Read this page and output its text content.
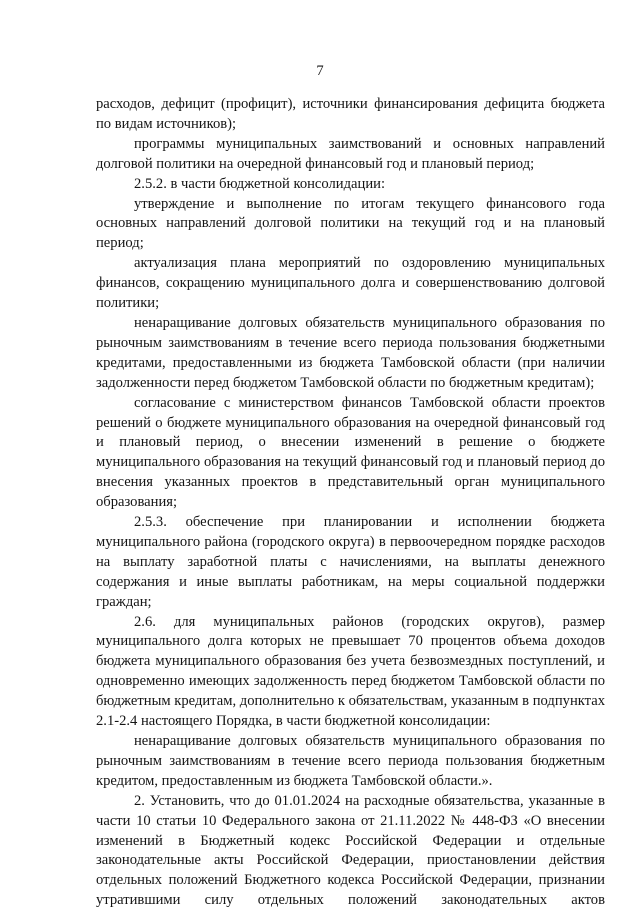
7

расходов, дефицит (профицит), источники финансирования дефицита бюджета по видам источников);

программы муниципальных заимствований и основных направлений долговой политики на очередной финансовый год и плановый период;

2.5.2. в части бюджетной консолидации:

утверждение и выполнение по итогам текущего финансового года основных направлений долговой политики на текущий год и на плановый период;

актуализация плана мероприятий по оздоровлению муниципальных финансов, сокращению муниципального долга и совершенствованию долговой политики;

ненаращивание долговых обязательств муниципального образования по рыночным заимствованиям в течение всего периода пользования бюджетными кредитами, предоставленными из бюджета Тамбовской области (при наличии задолженности перед бюджетом Тамбовской области по бюджетным кредитам);

согласование с министерством финансов Тамбовской области проектов решений о бюджете муниципального образования на очередной финансовый год и плановый период, о внесении изменений в решение о бюджете муниципального образования на текущий финансовый год и плановый период до внесения указанных проектов в представительный орган муниципального образования;

2.5.3. обеспечение при планировании и исполнении бюджета муниципального района (городского округа) в первоочередном порядке расходов на выплату заработной платы с начислениями, на выплаты денежного содержания и иные выплаты работникам, на меры социальной поддержки граждан;

2.6. для муниципальных районов (городских округов), размер муниципального долга которых не превышает 70 процентов объема доходов бюджета муниципального образования без учета безвозмездных поступлений, и одновременно имеющих задолженность перед бюджетом Тамбовской области по бюджетным кредитам, дополнительно к обязательствам, указанным в подпунктах 2.1-2.4 настоящего Порядка, в части бюджетной консолидации:

ненаращивание долговых обязательств муниципального образования по рыночным заимствованиям в течение всего периода пользования бюджетным кредитом, предоставленным из бюджета Тамбовской области.».

2. Установить, что до 01.01.2024 на расходные обязательства, указанные в части 10 статьи 10 Федерального закона от 21.11.2022 № 448-ФЗ «О внесении изменений в Бюджетный кодекс Российской Федерации и отдельные законодательные акты Российской Федерации, приостановлении действия отдельных положений Бюджетного кодекса Российской Федерации, признании утратившими силу отдельных положений законодательных актов
